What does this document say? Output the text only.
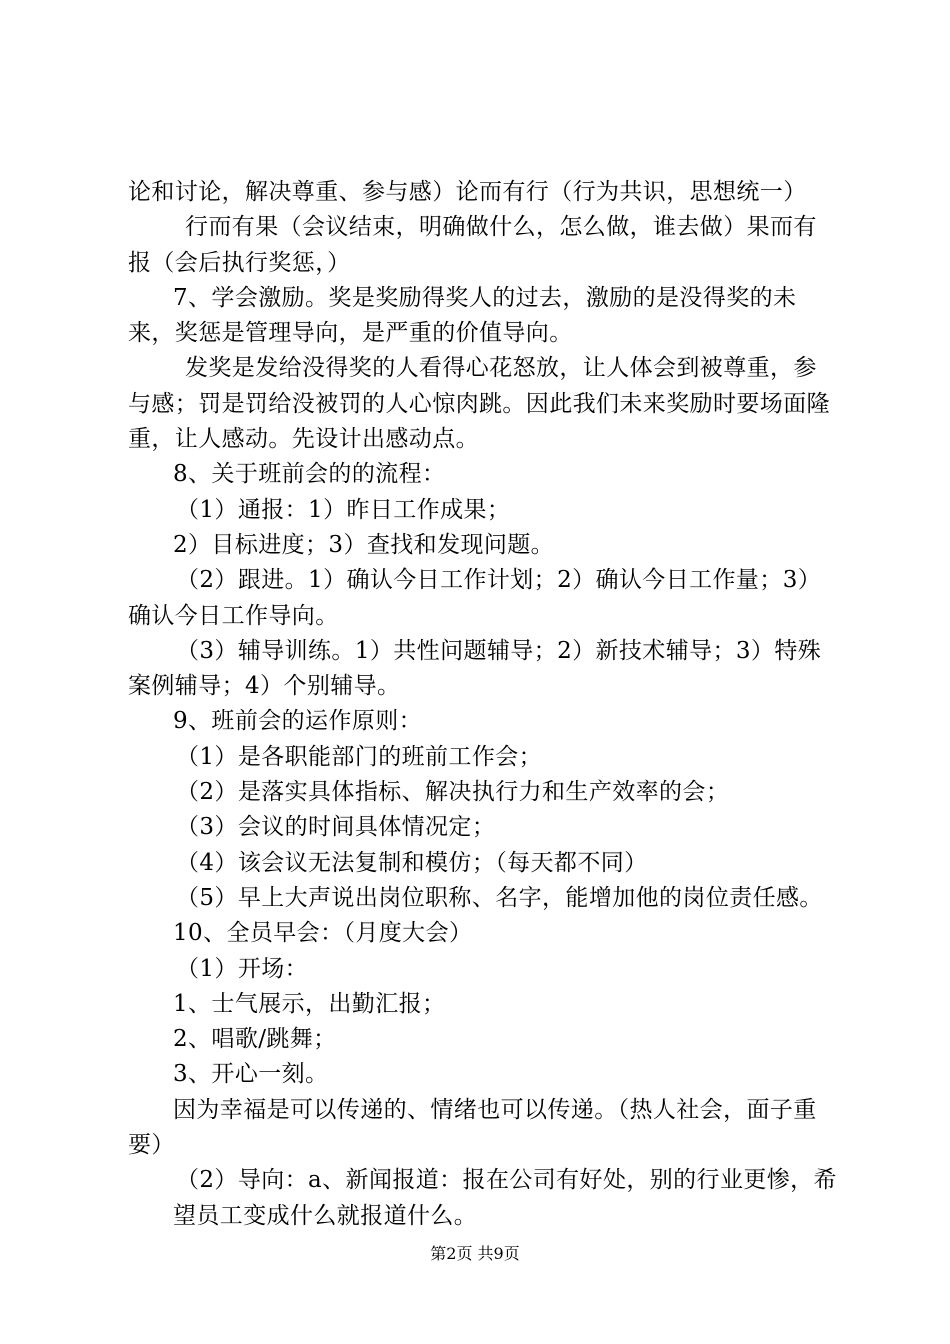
论和讨论，解决尊重、参与感）论而有行（行为共识，思想统一）

行而有果（会议结束，明确做什么，怎么做，谁去做）果而有报（会后执行奖惩，）

7、学会激励。奖是奖励得奖人的过去，激励的是没得奖的未来，奖惩是管理导向，是严重的价值导向。

发奖是发给没得奖的人看得心花怒放，让人体会到被尊重，参与感；罚是罚给没被罚的人心惊肉跳。因此我们未来奖励时要场面隆重，让人感动。先设计出感动点。

8、关于班前会的的流程：

（1）通报：1）昨日工作成果；

2）目标进度；3）查找和发现问题。

（2）跟进。1）确认今日工作计划；2）确认今日工作量；3）确认今日工作导向。

（3）辅导训练。1）共性问题辅导；2）新技术辅导；3）特殊案例辅导；4）个别辅导。

9、班前会的运作原则：

（1）是各职能部门的班前工作会；

（2）是落实具体指标、解决执行力和生产效率的会；

（3）会议的时间具体情况定；

（4）该会议无法复制和模仿；（每天都不同）

（5）早上大声说出岗位职称、名字，能增加他的岗位责任感。

10、全员早会：（月度大会）

（1）开场：

1、士气展示，出勤汇报；

2、唱歌/跳舞；

3、开心一刻。

因为幸福是可以传递的、情绪也可以传递。（热人社会，面子重要）

（2）导向：a、新闻报道：报在公司有好处，别的行业更惨，希

望员工变成什么就报道什么。

第2页 共9页
